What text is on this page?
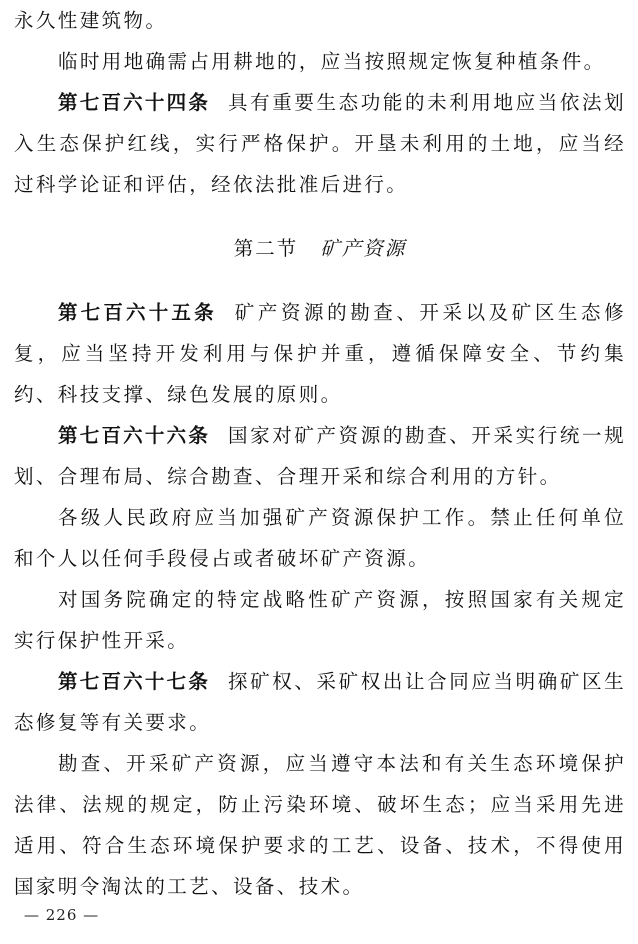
永久性建筑物。

临时用地确需占用耕地的，应当按照规定恢复种植条件。

第七百六十四条 具有重要生态功能的未利用地应当依法划入生态保护红线，实行严格保护。开垦未利用的土地，应当经过科学论证和评估，经依法批准后进行。

第二节 矿产资源

第七百六十五条 矿产资源的勘查、开采以及矿区生态修复，应当坚持开发利用与保护并重，遵循保障安全、节约集约、科技支撑、绿色发展的原则。

第七百六十六条 国家对矿产资源的勘查、开采实行统一规划、合理布局、综合勘查、合理开采和综合利用的方针。

各级人民政府应当加强矿产资源保护工作。禁止任何单位和个人以任何手段侵占或者破坏矿产资源。

对国务院确定的特定战略性矿产资源，按照国家有关规定实行保护性开采。

第七百六十七条 探矿权、采矿权出让合同应当明确矿区生态修复等有关要求。

勘查、开采矿产资源，应当遵守本法和有关生态环境保护法律、法规的规定，防止污染环境、破坏生态；应当采用先进适用、符合生态环境保护要求的工艺、设备、技术，不得使用国家明令淘汰的工艺、设备、技术。

— 226 —
